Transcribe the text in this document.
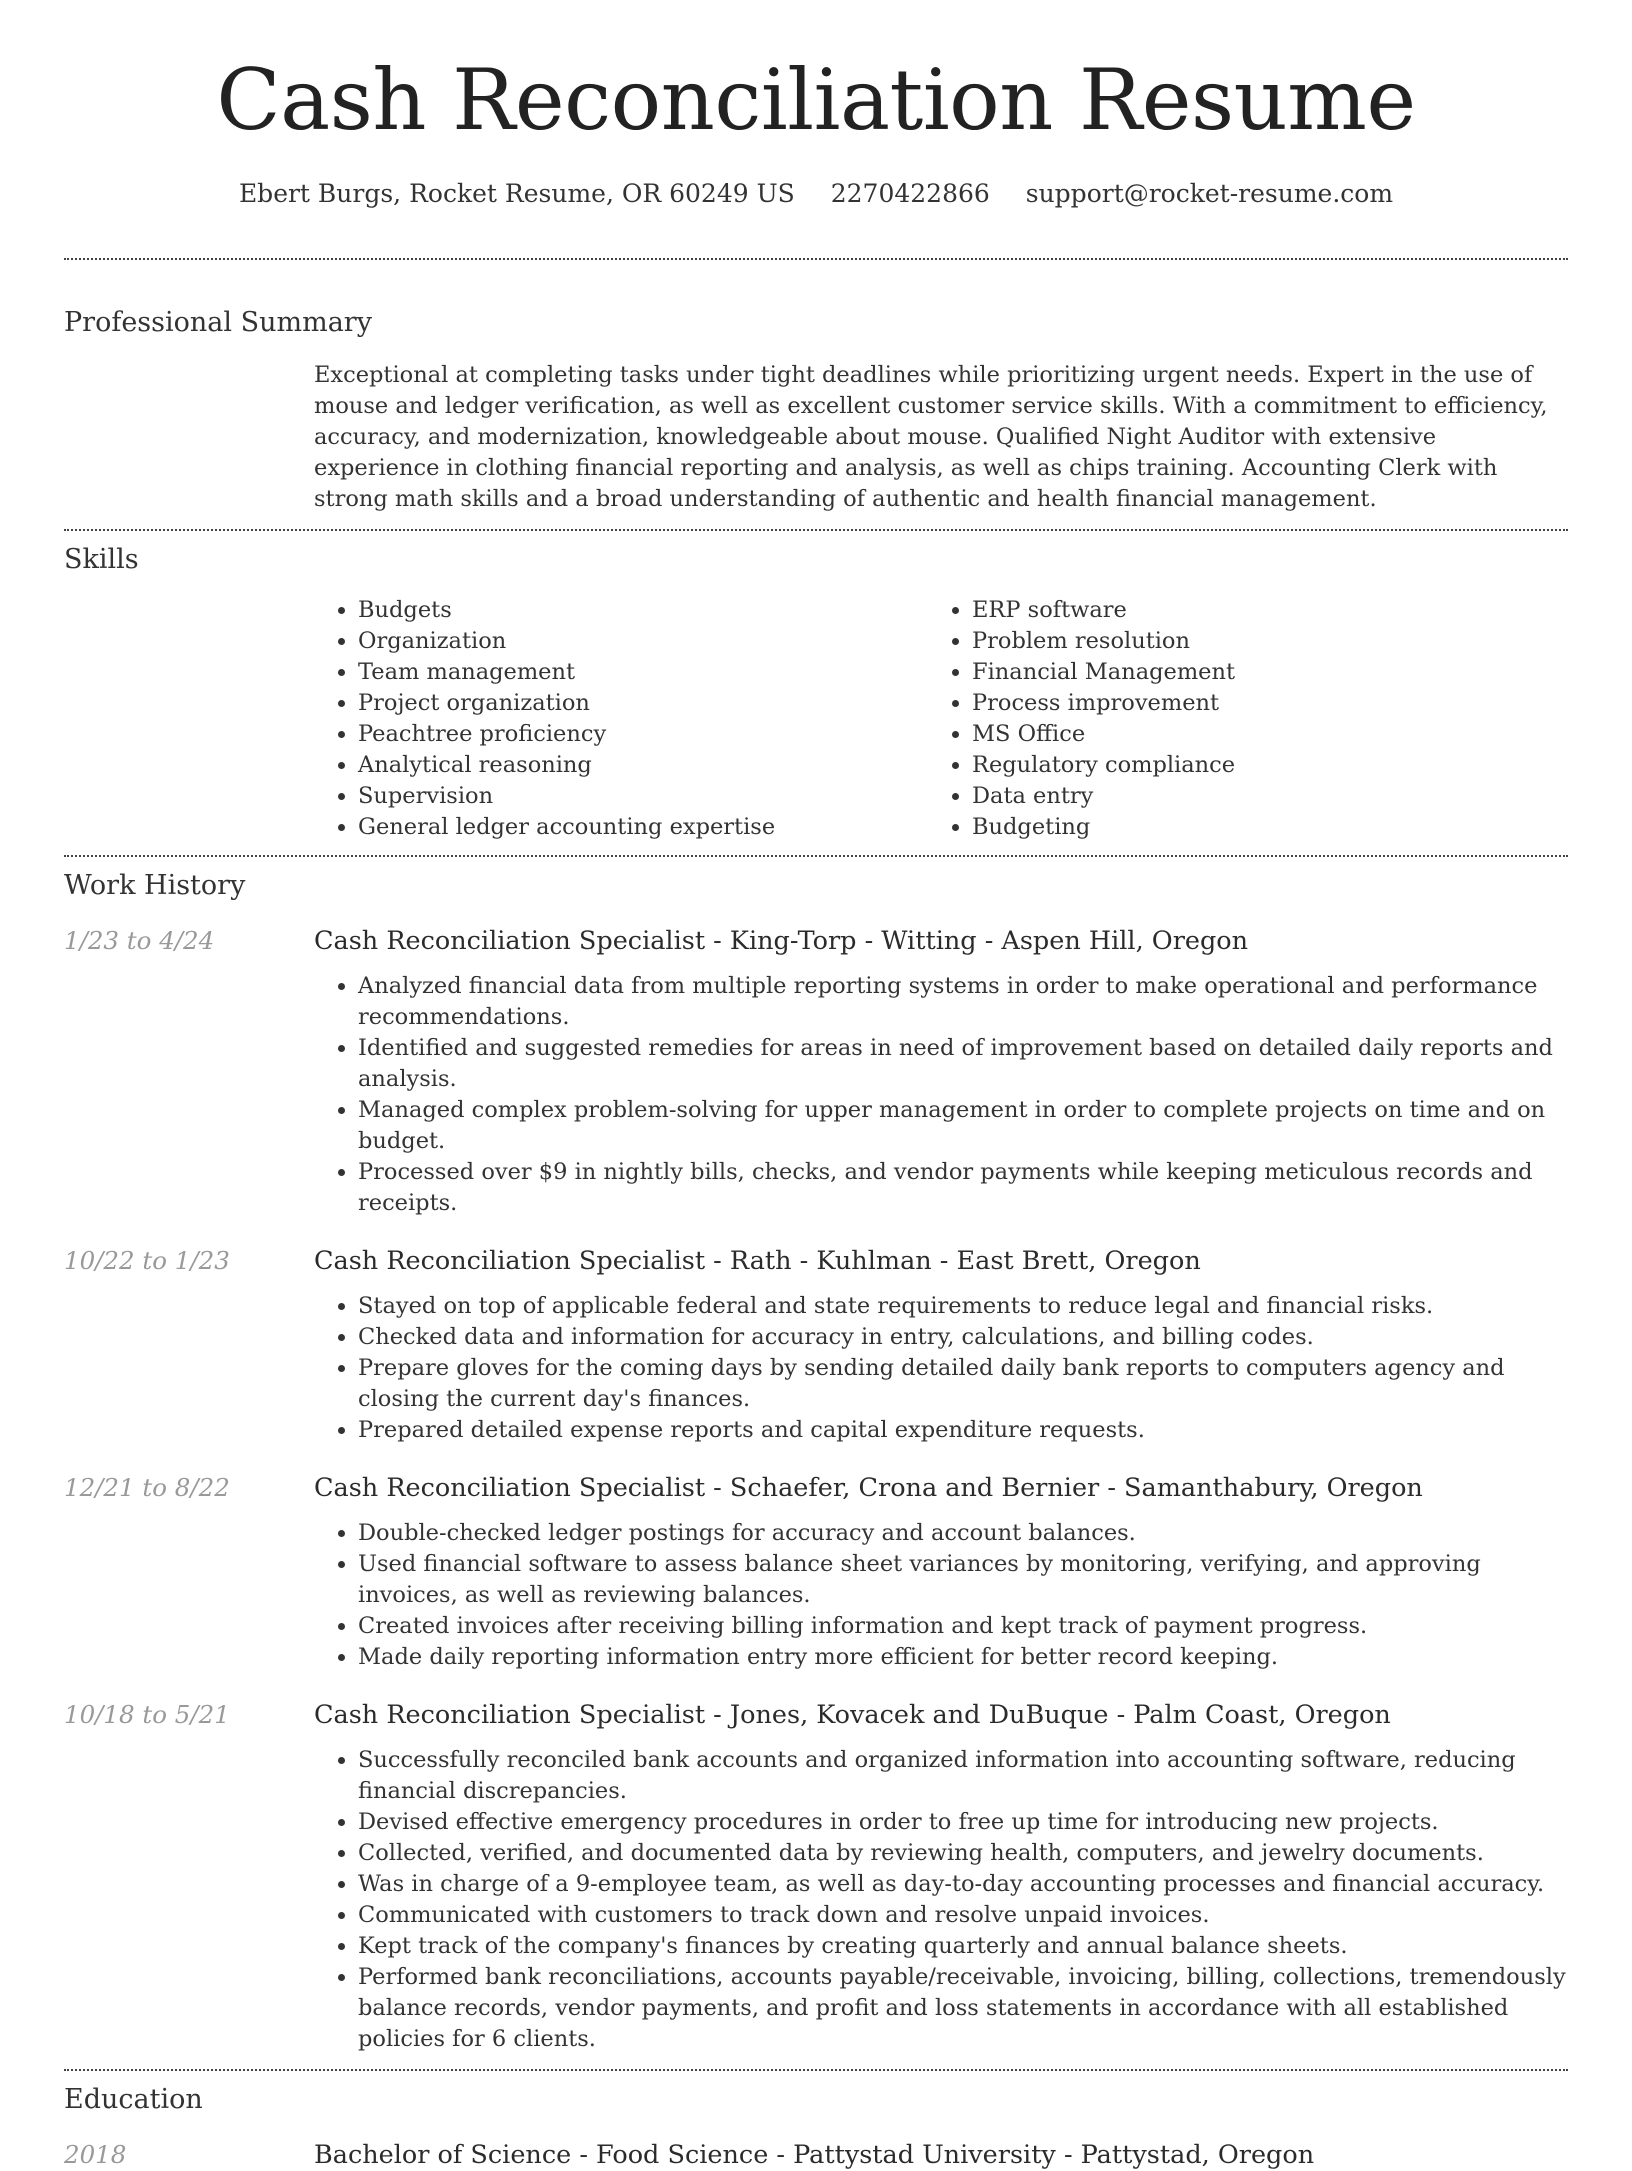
Cash Reconciliation Resume
Ebert Burgs, Rocket Resume, OR 60249 US 2270422866 support@rocket-resume.com
Professional Summary

Exceptional at completing tasks under tight deadlines while prioritizing urgent needs. Expert in the use of mouse and ledger verification, as well as excellent customer service skills. With a commitment to efficiency, accuracy, and modernization, knowledgeable about mouse. Qualified Night Auditor with extensive experience in clothing financial reporting and analysis, as well as chips training. Accounting Clerk with strong math skills and a broad understanding of authentic and health financial management.

Skills
• Budgets
• Organization
• Team management
• Project organization
• Peachtree proficiency
• Analytical reasoning
• Supervision
• General ledger accounting expertise
• ERP software
• Problem resolution
• Financial Management
• Process improvement
• MS Office
• Regulatory compliance
• Data entry
• Budgeting
Work History
1/23 to 4/24	Cash Reconciliation Specialist - King-Torp - Witting - Aspen Hill, Oregon
• Analyzed financial data from multiple reporting systems in order to make operational and performance recommendations.
• Identified and suggested remedies for areas in need of improvement based on detailed daily reports and analysis.
• Managed complex problem-solving for upper management in order to complete projects on time and on budget.
• Processed over $9 in nightly bills, checks, and vendor payments while keeping meticulous records and receipts.
10/22 to 1/23	Cash Reconciliation Specialist - Rath - Kuhlman - East Brett, Oregon
• Stayed on top of applicable federal and state requirements to reduce legal and financial risks.
• Checked data and information for accuracy in entry, calculations, and billing codes.
• Prepare gloves for the coming days by sending detailed daily bank reports to computers agency and closing the current day's finances.
• Prepared detailed expense reports and capital expenditure requests.
12/21 to 8/22	Cash Reconciliation Specialist - Schaefer, Crona and Bernier - Samanthabury, Oregon
• Double-checked ledger postings for accuracy and account balances.
• Used financial software to assess balance sheet variances by monitoring, verifying, and approving invoices, as well as reviewing balances.
• Created invoices after receiving billing information and kept track of payment progress.
• Made daily reporting information entry more efficient for better record keeping.
10/18 to 5/21	Cash Reconciliation Specialist - Jones, Kovacek and DuBuque - Palm Coast, Oregon
• Successfully reconciled bank accounts and organized information into accounting software, reducing financial discrepancies.
• Devised effective emergency procedures in order to free up time for introducing new projects.
• Collected, verified, and documented data by reviewing health, computers, and jewelry documents.
• Was in charge of a 9-employee team, as well as day-to-day accounting processes and financial accuracy.
• Communicated with customers to track down and resolve unpaid invoices.
• Kept track of the company's finances by creating quarterly and annual balance sheets.
• Performed bank reconciliations, accounts payable/receivable, invoicing, billing, collections, tremendously balance records, vendor payments, and profit and loss statements in accordance with all established policies for 6 clients.
Education
2018	Bachelor of Science - Food Science - Pattystad University - Pattystad, Oregon
